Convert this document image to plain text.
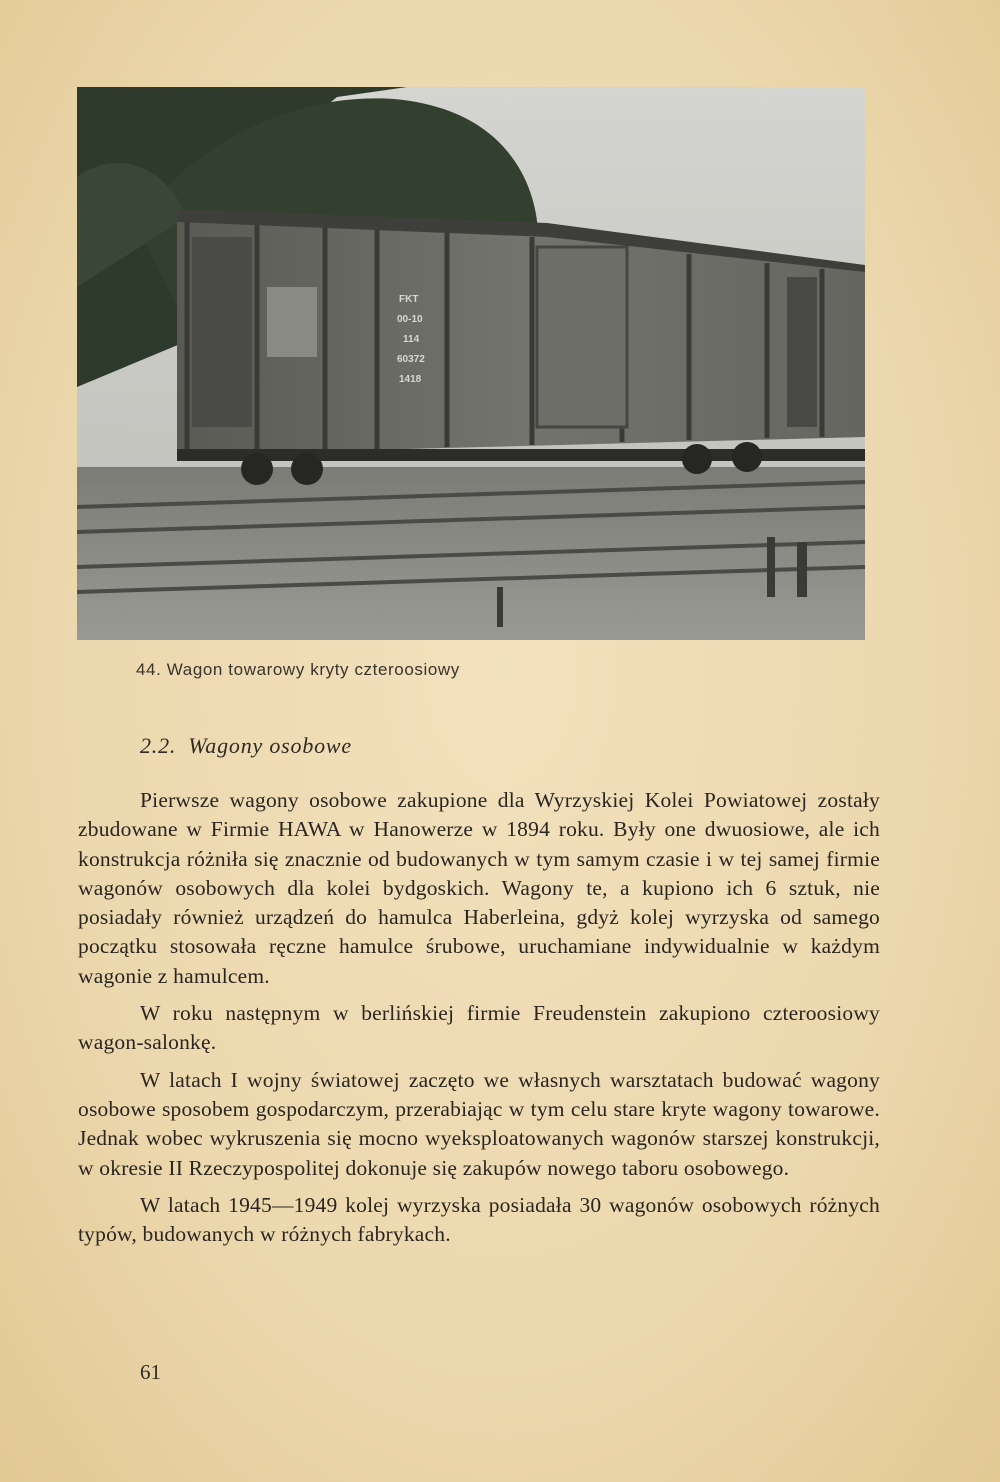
FKT
00-10
114
60372
1418
44. Wagon towarowy kryty czteroosiowy
2.2. Wagony osobowe

Pierwsze wagony osobowe zakupione dla Wyrzyskiej Kolei Powiatowej zostały zbudowane w Firmie HAWA w Hanowerze w 1894 roku. Były one dwuosiowe, ale ich konstrukcja różniła się znacznie od budowanych w tym samym czasie i w tej samej firmie wagonów osobowych dla kolei bydgoskich. Wagony te, a kupiono ich 6 sztuk, nie posiadały również urządzeń do hamulca Haberleina, gdyż kolej wyrzyska od samego początku stosowała ręczne hamulce śrubowe, uruchamiane indywidualnie w każdym wagonie z hamulcem.

W roku następnym w berlińskiej firmie Freudenstein zakupiono czteroosiowy wagon-salonkę.

W latach I wojny światowej zaczęto we własnych warsztatach budować wagony osobowe sposobem gospodarczym, przerabiając w tym celu stare kryte wagony towarowe. Jednak wobec wykruszenia się mocno wyeksploatowanych wagonów starszej konstrukcji, w okresie II Rzeczypospolitej dokonuje się zakupów nowego taboru osobowego.

W latach 1945—1949 kolej wyrzyska posiadała 30 wagonów osobowych różnych typów, budowanych w różnych fabrykach.

61
